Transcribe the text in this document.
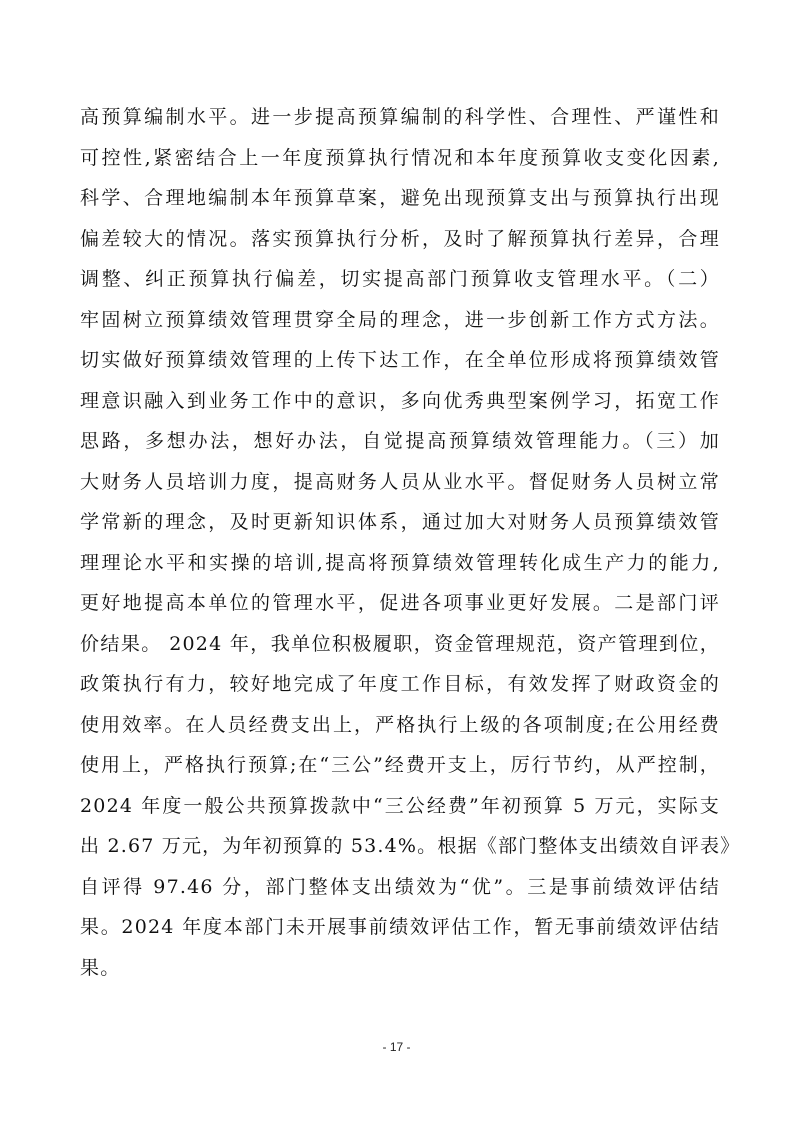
高预算编制水平。进一步提高预算编制的科学性、合理性、严谨性和
可控性,紧密结合上一年度预算执行情况和本年度预算收支变化因素,
科学、合理地编制本年预算草案，避免出现预算支出与预算执行出现
偏差较大的情况。落实预算执行分析，及时了解预算执行差异，合理
调整、纠正预算执行偏差，切实提高部门预算收支管理水平。（二）
牢固树立预算绩效管理贯穿全局的理念，进一步创新工作方式方法。
切实做好预算绩效管理的上传下达工作，在全单位形成将预算绩效管
理意识融入到业务工作中的意识，多向优秀典型案例学习，拓宽工作
思路，多想办法，想好办法，自觉提高预算绩效管理能力。（三）加
大财务人员培训力度，提高财务人员从业水平。督促财务人员树立常
学常新的理念，及时更新知识体系，通过加大对财务人员预算绩效管
理理论水平和实操的培训,提高将预算绩效管理转化成生产力的能力,
更好地提高本单位的管理水平，促进各项事业更好发展。二是部门评
价结果。 2024 年，我单位积极履职，资金管理规范，资产管理到位，
政策执行有力，较好地完成了年度工作目标，有效发挥了财政资金的
使用效率。在人员经费支出上，严格执行上级的各项制度;在公用经费
使用上，严格执行预算;在“三公”经费开支上，厉行节约，从严控制，
2024 年度一般公共预算拨款中“三公经费”年初预算 5 万元，实际支
出 2.67 万元，为年初预算的 53.4%。根据《部门整体支出绩效自评表》
自评得 97.46 分，部门整体支出绩效为“优”。三是事前绩效评估结
果。2024 年度本部门未开展事前绩效评估工作，暂无事前绩效评估结
果。
- 17 -
